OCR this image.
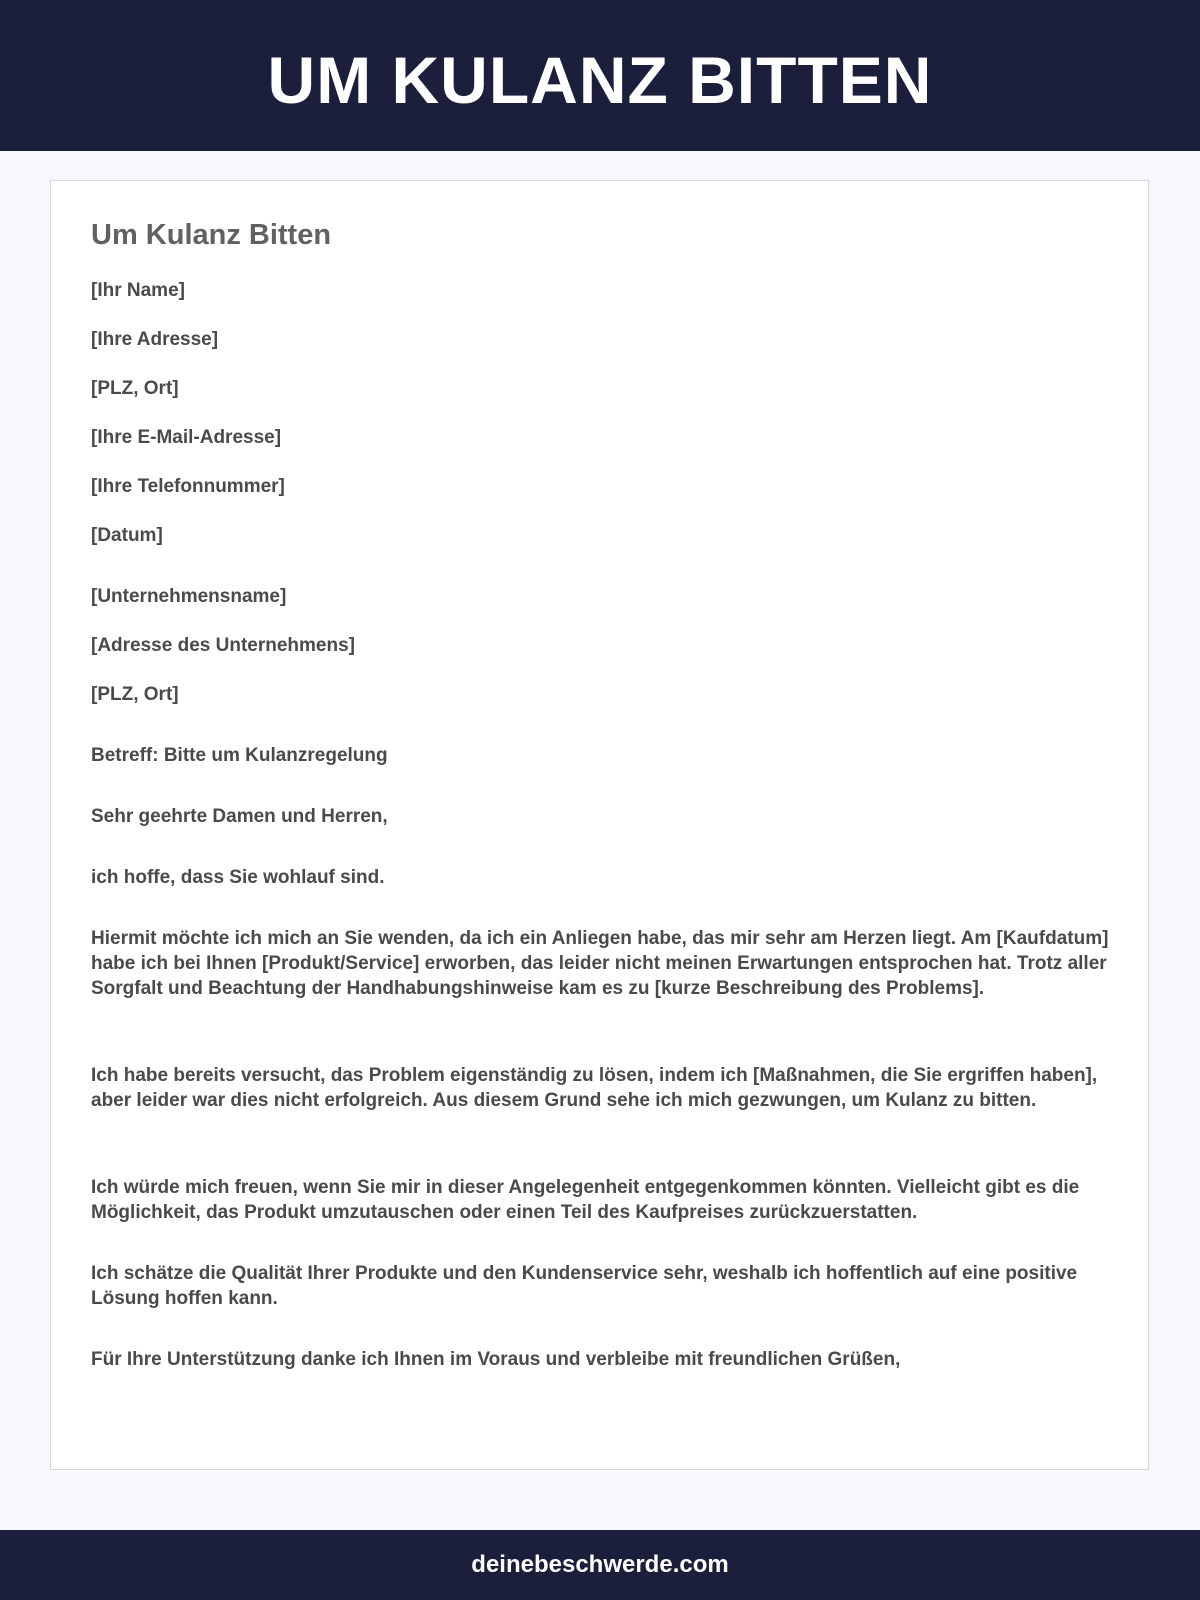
UM KULANZ BITTEN
Um Kulanz Bitten

[Ihr Name]

[Ihre Adresse]

[PLZ, Ort]

[Ihre E-Mail-Adresse]

[Ihre Telefonnummer]

[Datum]

[Unternehmensname]

[Adresse des Unternehmens]

[PLZ, Ort]

Betreff: Bitte um Kulanzregelung

Sehr geehrte Damen und Herren,

ich hoffe, dass Sie wohlauf sind.

Hiermit möchte ich mich an Sie wenden, da ich ein Anliegen habe, das mir sehr am Herzen liegt. Am [Kaufdatum] habe ich bei Ihnen [Produkt/Service] erworben, das leider nicht meinen Erwartungen entsprochen hat. Trotz aller Sorgfalt und Beachtung der Handhabungshinweise kam es zu [kurze Beschreibung des Problems].

Ich habe bereits versucht, das Problem eigenständig zu lösen, indem ich [Maßnahmen, die Sie ergriffen haben], aber leider war dies nicht erfolgreich. Aus diesem Grund sehe ich mich gezwungen, um Kulanz zu bitten.

Ich würde mich freuen, wenn Sie mir in dieser Angelegenheit entgegenkommen könnten. Vielleicht gibt es die Möglichkeit, das Produkt umzutauschen oder einen Teil des Kaufpreises zurückzuerstatten.

Ich schätze die Qualität Ihrer Produkte und den Kundenservice sehr, weshalb ich hoffentlich auf eine positive Lösung hoffen kann.

Für Ihre Unterstützung danke ich Ihnen im Voraus und verbleibe mit freundlichen Grüßen,

deinebeschwerde.com
